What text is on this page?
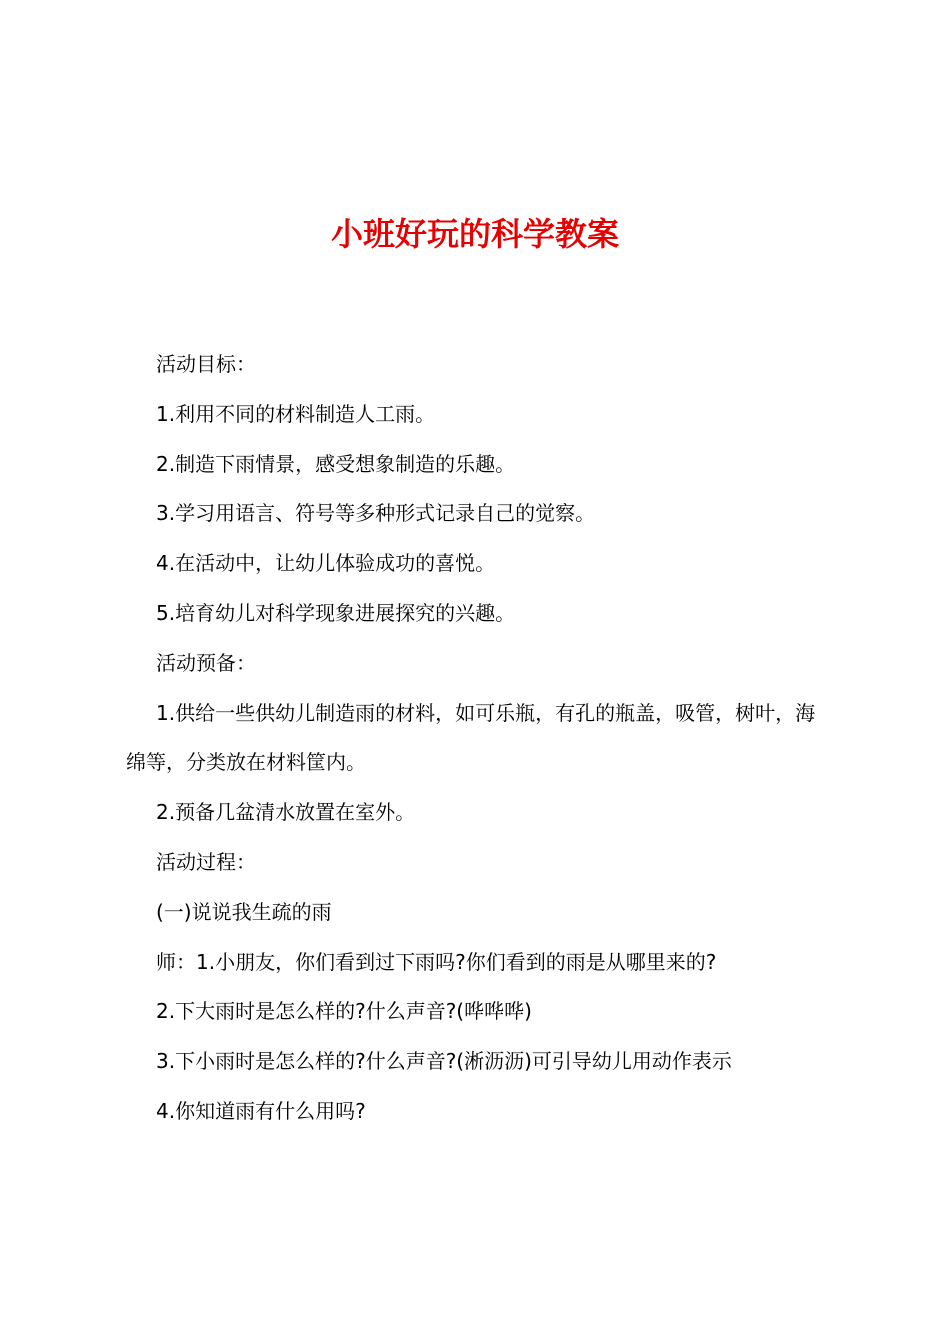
小班好玩的科学教案

活动目标：

1.利用不同的材料制造人工雨。

2.制造下雨情景，感受想象制造的乐趣。

3.学习用语言、符号等多种形式记录自己的觉察。

4.在活动中，让幼儿体验成功的喜悦。

5.培育幼儿对科学现象进展探究的兴趣。

活动预备：

1.供给一些供幼儿制造雨的材料，如可乐瓶，有孔的瓶盖，吸管，树叶，海绵等，分类放在材料筐内。

2.预备几盆清水放置在室外。

活动过程：

(一)说说我生疏的雨

师：1.小朋友，你们看到过下雨吗?你们看到的雨是从哪里来的?

2.下大雨时是怎么样的?什么声音?(哗哗哗)

3.下小雨时是怎么样的?什么声音?(淅沥沥)可引导幼儿用动作表示

4.你知道雨有什么用吗?
